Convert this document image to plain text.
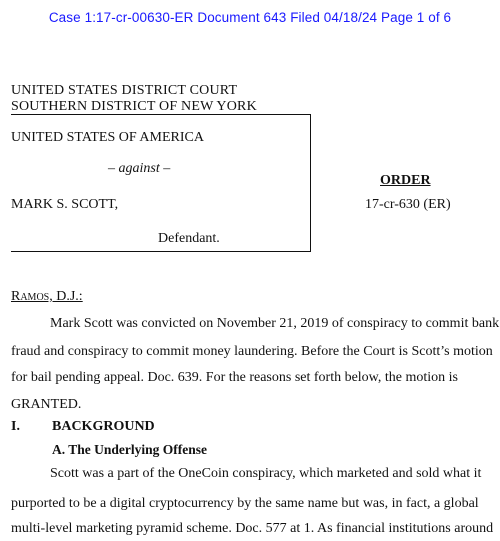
Case 1:17-cr-00630-ER Document 643 Filed 04/18/24 Page 1 of 6
UNITED STATES DISTRICT COURT
SOUTHERN DISTRICT OF NEW YORK
UNITED STATES OF AMERICA
– against –
MARK S. SCOTT,
Defendant.
ORDER
17-cr-630 (ER)
Ramos, D.J.:
Mark Scott was convicted on November 21, 2019 of conspiracy to commit bank
fraud and conspiracy to commit money laundering. Before the Court is Scott’s motion
for bail pending appeal. Doc. 639. For the reasons set forth below, the motion is
GRANTED.
I. BACKGROUND
A. The Underlying Offense
Scott was a part of the OneCoin conspiracy, which marketed and sold what it
purported to be a digital cryptocurrency by the same name but was, in fact, a global
multi-level marketing pyramid scheme. Doc. 577 at 1. As financial institutions around
